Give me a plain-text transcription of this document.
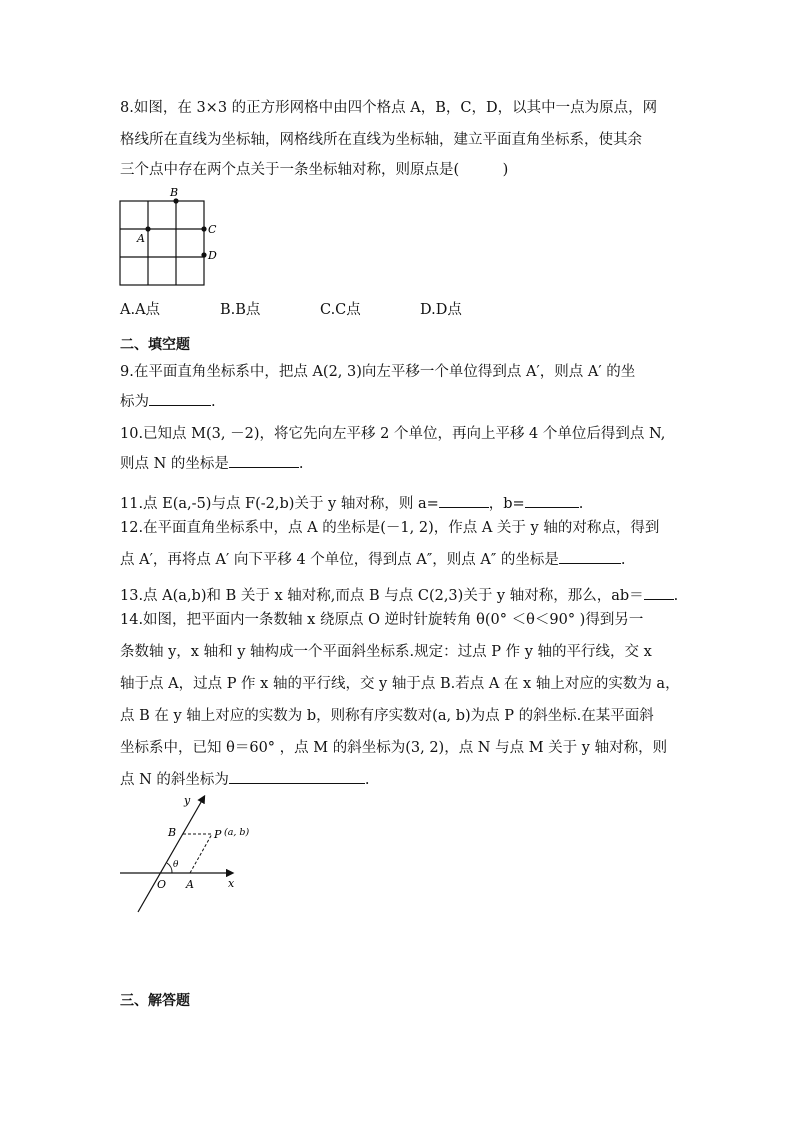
8.如图，在 3×3 的正方形网格中由四个格点 A，B，C，D，以其中一点为原点，网
格线所在直线为坐标轴，网格线所在直线为坐标轴，建立平面直角坐标系，使其余
三个点中存在两个点关于一条坐标轴对称，则原点是(　　　)
B
A
C
D
A.A点	B.B点	C.C点	D.D点
二、填空题
9.在平面直角坐标系中，把点 A(2, 3)向左平移一个单位得到点 A′，则点 A′ 的坐
标为	.
10.已知点 M(3, －2)，将它先向左平移 2 个单位，再向上平移 4 个单位后得到点 N,
则点 N 的坐标是	.
11.点 E(a,-5)与点 F(-2,b)关于 y 轴对称，则 a=	，b=	.
12.在平面直角坐标系中，点 A 的坐标是(－1, 2)，作点 A 关于 y 轴的对称点，得到
点 A′，再将点 A′ 向下平移 4 个单位，得到点 A″，则点 A″ 的坐标是	.
13.点 A(a,b)和 B 关于 x 轴对称,而点 B 与点 C(2,3)关于 y 轴对称，那么，ab＝ .
14.如图，把平面内一条数轴 x 绕原点 O 逆时针旋转角 θ(0° ＜θ＜90° )得到另一
条数轴 y，x 轴和 y 轴构成一个平面斜坐标系.规定：过点 P 作 y 轴的平行线，交 x
轴于点 A，过点 P 作 x 轴的平行线，交 y 轴于点 B.若点 A 在 x 轴上对应的实数为 a，
点 B 在 y 轴上对应的实数为 b，则称有序实数对(a, b)为点 P 的斜坐标.在某平面斜
坐标系中，已知 θ＝60° ，点 M 的斜坐标为(3, 2)，点 N 与点 M 关于 y 轴对称，则
点 N 的斜坐标为	.
y
x
O A
B	P (a, b)
θ
三、解答题
